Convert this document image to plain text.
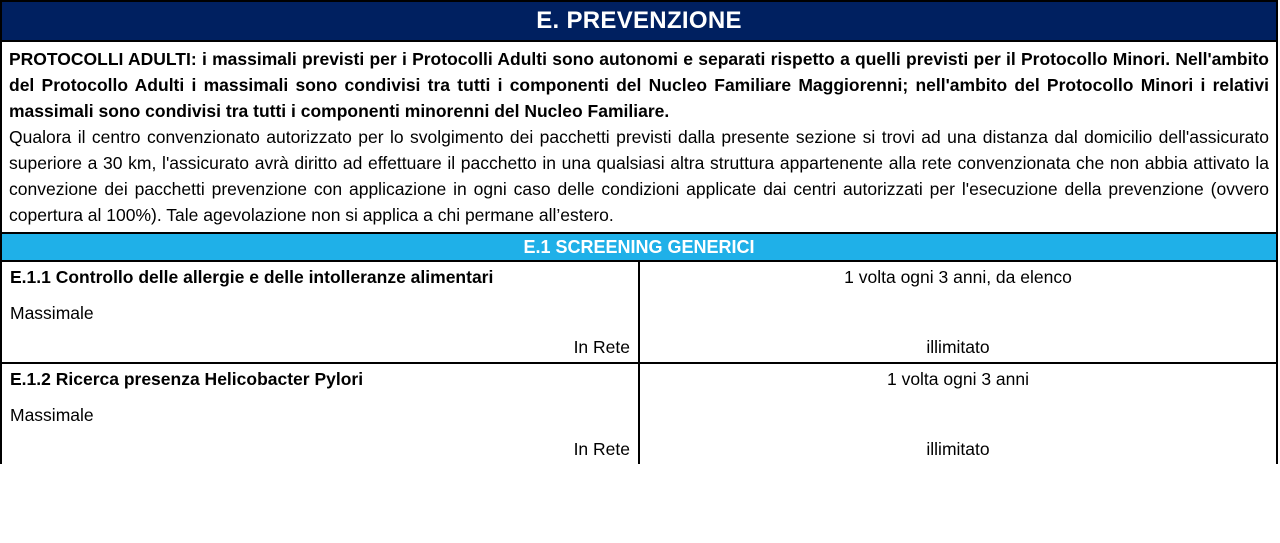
E. PREVENZIONE
PROTOCOLLI ADULTI: i massimali previsti per i Protocolli Adulti sono autonomi e separati rispetto a quelli previsti per il Protocollo Minori. Nell'ambito del Protocollo Adulti i massimali sono condivisi tra tutti i componenti del Nucleo Familiare Maggiorenni; nell'ambito del Protocollo Minori i relativi massimali sono condivisi tra tutti i componenti minorenni del Nucleo Familiare.
Qualora il centro convenzionato autorizzato per lo svolgimento dei pacchetti previsti dalla presente sezione si trovi ad una distanza dal domicilio dell'assicurato superiore a 30 km, l'assicurato avrà diritto ad effettuare il pacchetto in una qualsiasi altra struttura appartenente alla rete convenzionata che non abbia attivato la convezione dei pacchetti prevenzione con applicazione in ogni caso delle condizioni applicate dai centri autorizzati per l'esecuzione della prevenzione (ovvero copertura al 100%). Tale agevolazione non si applica a chi permane all’estero.
E.1 SCREENING GENERICI
E.1.1 Controllo delle allergie e delle intolleranze alimentari
Massimale
In Rete
1 volta ogni 3 anni, da elenco
illimitato
E.1.2 Ricerca presenza Helicobacter Pylori
Massimale
In Rete
1 volta ogni 3 anni
illimitato
